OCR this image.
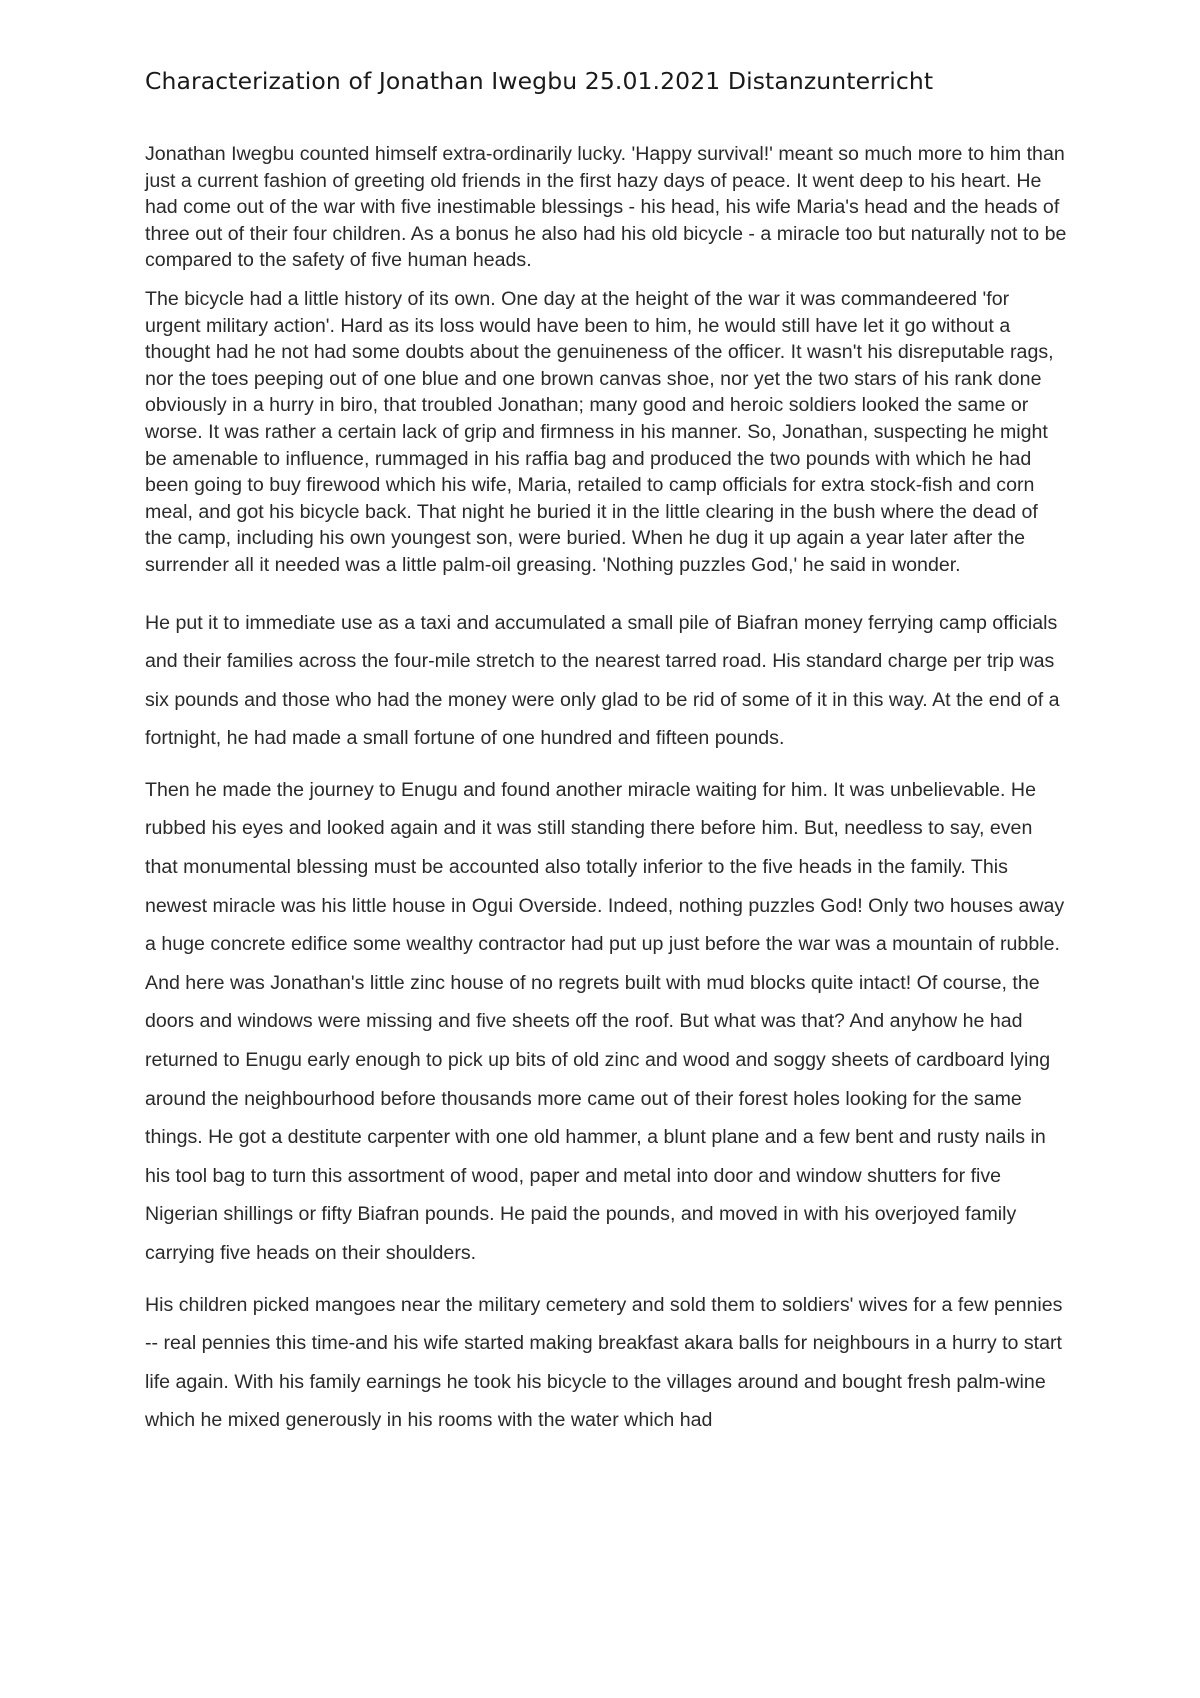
Characterization of Jonathan Iwegbu 25.01.2021 Distanzunterricht

Jonathan Iwegbu counted himself extra-ordinarily lucky. 'Happy survival!' meant so much more to him than just a current fashion of greeting old friends in the first hazy days of peace. It went deep to his heart. He had come out of the war with five inestimable blessings - his head, his wife Maria's head and the heads of three out of their four children. As a bonus he also had his old bicycle - a miracle too but naturally not to be compared to the safety of five human heads.

The bicycle had a little history of its own. One day at the height of the war it was commandeered 'for urgent military action'. Hard as its loss would have been to him, he would still have let it go without a thought had he not had some doubts about the genuineness of the officer. It wasn't his disreputable rags, nor the toes peeping out of one blue and one brown canvas shoe, nor yet the two stars of his rank done obviously in a hurry in biro, that troubled Jonathan; many good and heroic soldiers looked the same or worse. It was rather a certain lack of grip and firmness in his manner. So, Jonathan, suspecting he might be amenable to influence, rummaged in his raffia bag and produced the two pounds with which he had been going to buy firewood which his wife, Maria, retailed to camp officials for extra stock-fish and corn meal, and got his bicycle back. That night he buried it in the little clearing in the bush where the dead of the camp, including his own youngest son, were buried. When he dug it up again a year later after the surrender all it needed was a little palm-oil greasing. 'Nothing puzzles God,' he said in wonder.

He put it to immediate use as a taxi and accumulated a small pile of Biafran money ferrying camp officials and their families across the four-mile stretch to the nearest tarred road. His standard charge per trip was six pounds and those who had the money were only glad to be rid of some of it in this way. At the end of a fortnight, he had made a small fortune of one hundred and fifteen pounds.

Then he made the journey to Enugu and found another miracle waiting for him. It was unbelievable. He rubbed his eyes and looked again and it was still standing there before him. But, needless to say, even that monumental blessing must be accounted also totally inferior to the five heads in the family. This newest miracle was his little house in Ogui Overside. Indeed, nothing puzzles God! Only two houses away a huge concrete edifice some wealthy contractor had put up just before the war was a mountain of rubble. And here was Jonathan's little zinc house of no regrets built with mud blocks quite intact! Of course, the doors and windows were missing and five sheets off the roof. But what was that? And anyhow he had returned to Enugu early enough to pick up bits of old zinc and wood and soggy sheets of cardboard lying around the neighbourhood before thousands more came out of their forest holes looking for the same things. He got a destitute carpenter with one old hammer, a blunt plane and a few bent and rusty nails in his tool bag to turn this assortment of wood, paper and metal into door and window shutters for five Nigerian shillings or fifty Biafran pounds. He paid the pounds, and moved in with his overjoyed family carrying five heads on their shoulders.

His children picked mangoes near the military cemetery and sold them to soldiers' wives for a few pennies -- real pennies this time-and his wife started making breakfast akara balls for neighbours in a hurry to start life again. With his family earnings he took his bicycle to the villages around and bought fresh palm-wine which he mixed generously in his rooms with the water which had
